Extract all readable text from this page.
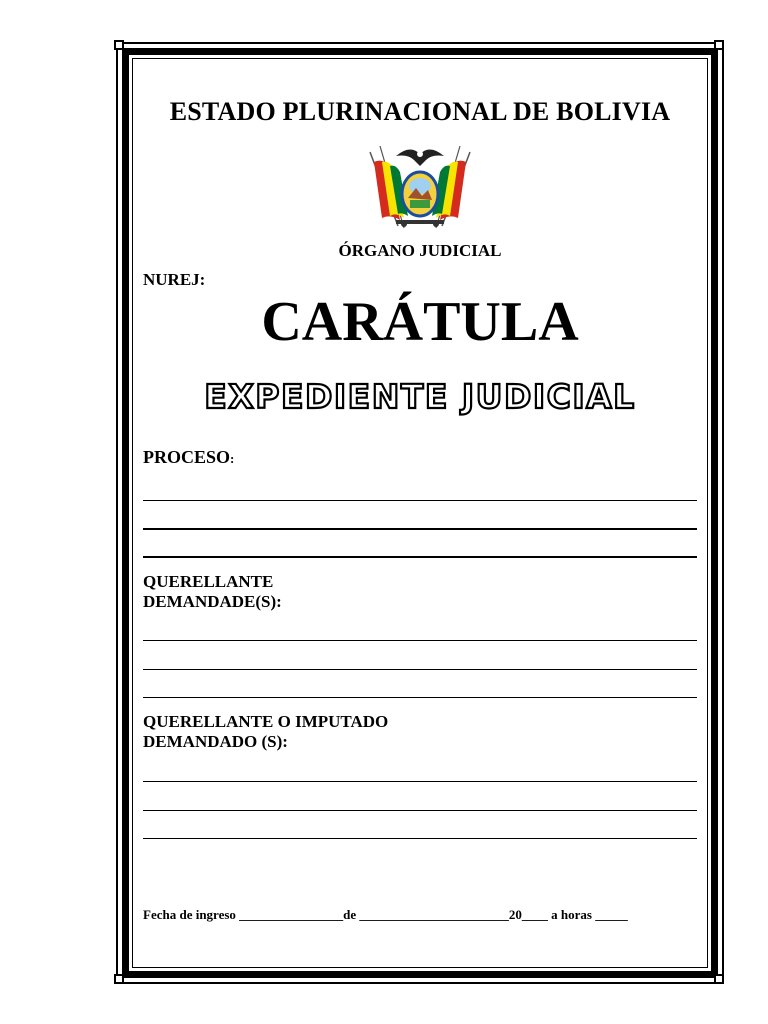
ESTADO PLURINACIONAL DE BOLIVIA
ÓRGANO JUDICIAL
NUREJ:
CARÁTULA
EXPEDIENTE JUDICIAL
PROCESO:
QUERELLANTE
DEMANDADE(S):
QUERELLANTE O IMPUTADO
DEMANDADO (S):
Fecha de ingreso ________________de _______________________20____ a horas _____
